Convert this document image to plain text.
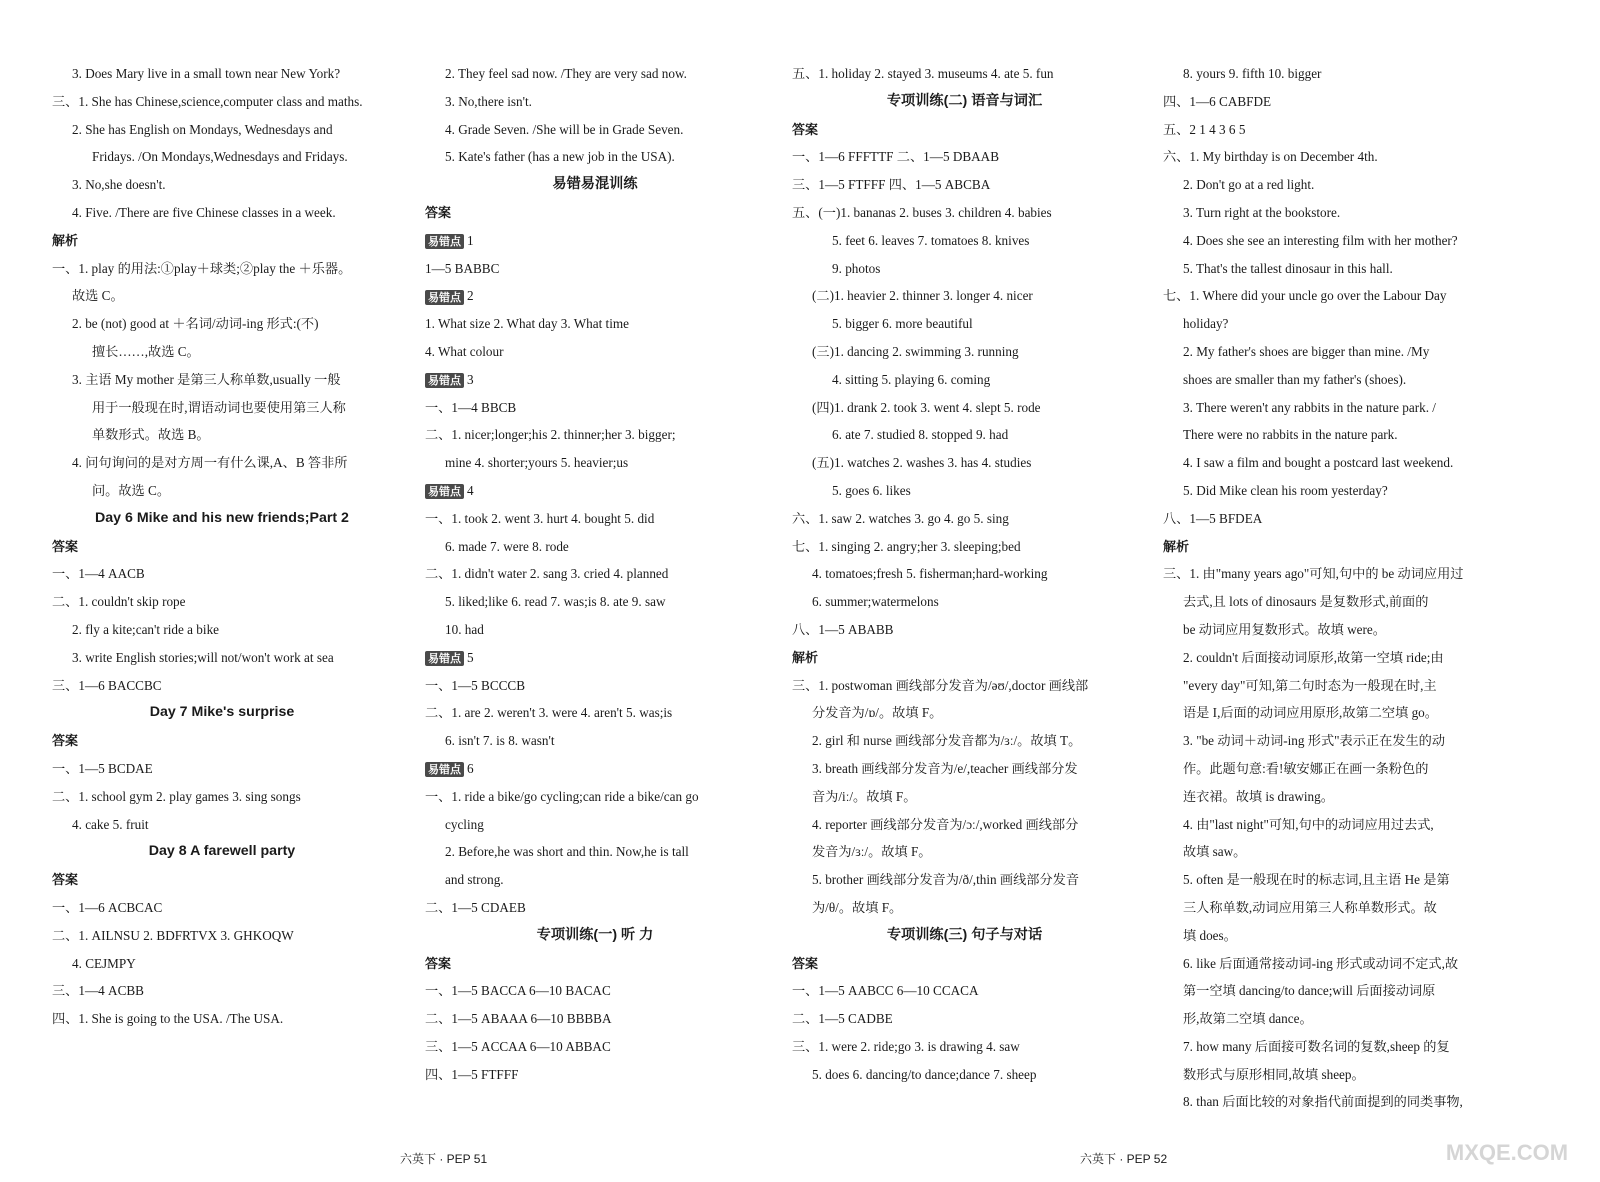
3. Does Mary live in a small town near New York?
三、1. She has Chinese,science,computer class and maths.
2. She has English on Mondays, Wednesdays and
Fridays. /On Mondays,Wednesdays and Fridays.
3. No,she doesn't.
4. Five. /There are five Chinese classes in a week.
解析
一、1. play 的用法:①play＋球类;②play the ＋乐器。
故选 C。
2. be (not) good at ＋名词/动词-ing 形式:(不)
擅长……,故选 C。
3. 主语 My mother 是第三人称单数,usually 一般
用于一般现在时,谓语动词也要使用第三人称
单数形式。故选 B。
4. 问句询问的是对方周一有什么课,A、B 答非所
问。故选 C。
Day 6 Mike and his new friends;Part 2
答案
一、1—4 AACB
二、1. couldn't skip rope
2. fly a kite;can't ride a bike
3. write English stories;will not/won't work at sea
三、1—6 BACCBC
Day 7 Mike's surprise
答案
一、1—5 BCDAE
二、1. school gym 2. play games 3. sing songs
4. cake 5. fruit
Day 8 A farewell party
答案
一、1—6 ACBCAC
二、1. AILNSU 2. BDFRTVX 3. GHKOQW
4. CEJMPY
三、1—4 ACBB
四、1. She is going to the USA. /The USA.
2. They feel sad now. /They are very sad now.
3. No,there isn't.
4. Grade Seven. /She will be in Grade Seven.
5. Kate's father (has a new job in the USA).
易错易混训练
答案
易错点 1
1—5 BABBC
易错点 2
1. What size 2. What day 3. What time
4. What colour
易错点 3
一、1—4 BBCB
二、1. nicer;longer;his 2. thinner;her 3. bigger;
mine 4. shorter;yours 5. heavier;us
易错点 4
一、1. took 2. went 3. hurt 4. bought 5. did
6. made 7. were 8. rode
二、1. didn't water 2. sang 3. cried 4. planned
5. liked;like 6. read 7. was;is 8. ate 9. saw
10. had
易错点 5
一、1—5 BCCCB
二、1. are 2. weren't 3. were 4. aren't 5. was;is
6. isn't 7. is 8. wasn't
易错点 6
一、1. ride a bike/go cycling;can ride a bike/can go
cycling
2. Before,he was short and thin. Now,he is tall
and strong.
二、1—5 CDAEB
专项训练(一) 听 力
答案
一、1—5 BACCA 6—10 BACAC
二、1—5 ABAAA 6—10 BBBBA
三、1—5 ACCAA 6—10 ABBAC
四、1—5 FTFFF
六英下 · PEP 51
五、1. holiday 2. stayed 3. museums 4. ate 5. fun
专项训练(二) 语音与词汇
答案
一、1—6 FFFTTF 二、1—5 DBAAB
三、1—5 FTFFF 四、1—5 ABCBA
五、(一)1. bananas 2. buses 3. children 4. babies
5. feet 6. leaves 7. tomatoes 8. knives
9. photos
(二)1. heavier 2. thinner 3. longer 4. nicer
5. bigger 6. more beautiful
(三)1. dancing 2. swimming 3. running
4. sitting 5. playing 6. coming
(四)1. drank 2. took 3. went 4. slept 5. rode
6. ate 7. studied 8. stopped 9. had
(五)1. watches 2. washes 3. has 4. studies
5. goes 6. likes
六、1. saw 2. watches 3. go 4. go 5. sing
七、1. singing 2. angry;her 3. sleeping;bed
4. tomatoes;fresh 5. fisherman;hard-working
6. summer;watermelons
八、1—5 ABABB
解析
三、1. postwoman 画线部分发音为/əʊ/,doctor 画线部
分发音为/ɒ/。故填 F。
2. girl 和 nurse 画线部分发音都为/ɜː/。故填 T。
3. breath 画线部分发音为/e/,teacher 画线部分发
音为/iː/。故填 F。
4. reporter 画线部分发音为/ɔː/,worked 画线部分
发音为/ɜː/。故填 F。
5. brother 画线部分发音为/ð/,thin 画线部分发音
为/θ/。故填 F。
专项训练(三) 句子与对话
答案
一、1—5 AABCC 6—10 CCACA
二、1—5 CADBE
三、1. were 2. ride;go 3. is drawing 4. saw
5. does 6. dancing/to dance;dance 7. sheep
8. yours 9. fifth 10. bigger
四、1—6 CABFDE
五、2 1 4 3 6 5
六、1. My birthday is on December 4th.
2. Don't go at a red light.
3. Turn right at the bookstore.
4. Does she see an interesting film with her mother?
5. That's the tallest dinosaur in this hall.
七、1. Where did your uncle go over the Labour Day
holiday?
2. My father's shoes are bigger than mine. /My
shoes are smaller than my father's (shoes).
3. There weren't any rabbits in the nature park. /
There were no rabbits in the nature park.
4. I saw a film and bought a postcard last weekend.
5. Did Mike clean his room yesterday?
八、1—5 BFDEA
解析
三、1. 由"many years ago"可知,句中的 be 动词应用过
去式,且 lots of dinosaurs 是复数形式,前面的
be 动词应用复数形式。故填 were。
2. couldn't 后面接动词原形,故第一空填 ride;由
"every day"可知,第二句时态为一般现在时,主
语是 I,后面的动词应用原形,故第二空填 go。
3. "be 动词＋动词-ing 形式"表示正在发生的动
作。此题句意:看!敏安娜正在画一条粉色的
连衣裙。故填 is drawing。
4. 由"last night"可知,句中的动词应用过去式,
故填 saw。
5. often 是一般现在时的标志词,且主语 He 是第
三人称单数,动词应用第三人称单数形式。故
填 does。
6. like 后面通常接动词-ing 形式或动词不定式,故
第一空填 dancing/to dance;will 后面接动词原
形,故第二空填 dance。
7. how many 后面接可数名词的复数,sheep 的复
数形式与原形相同,故填 sheep。
8. than 后面比较的对象指代前面提到的同类事物,
六英下 · PEP 52	MXQE.COM
